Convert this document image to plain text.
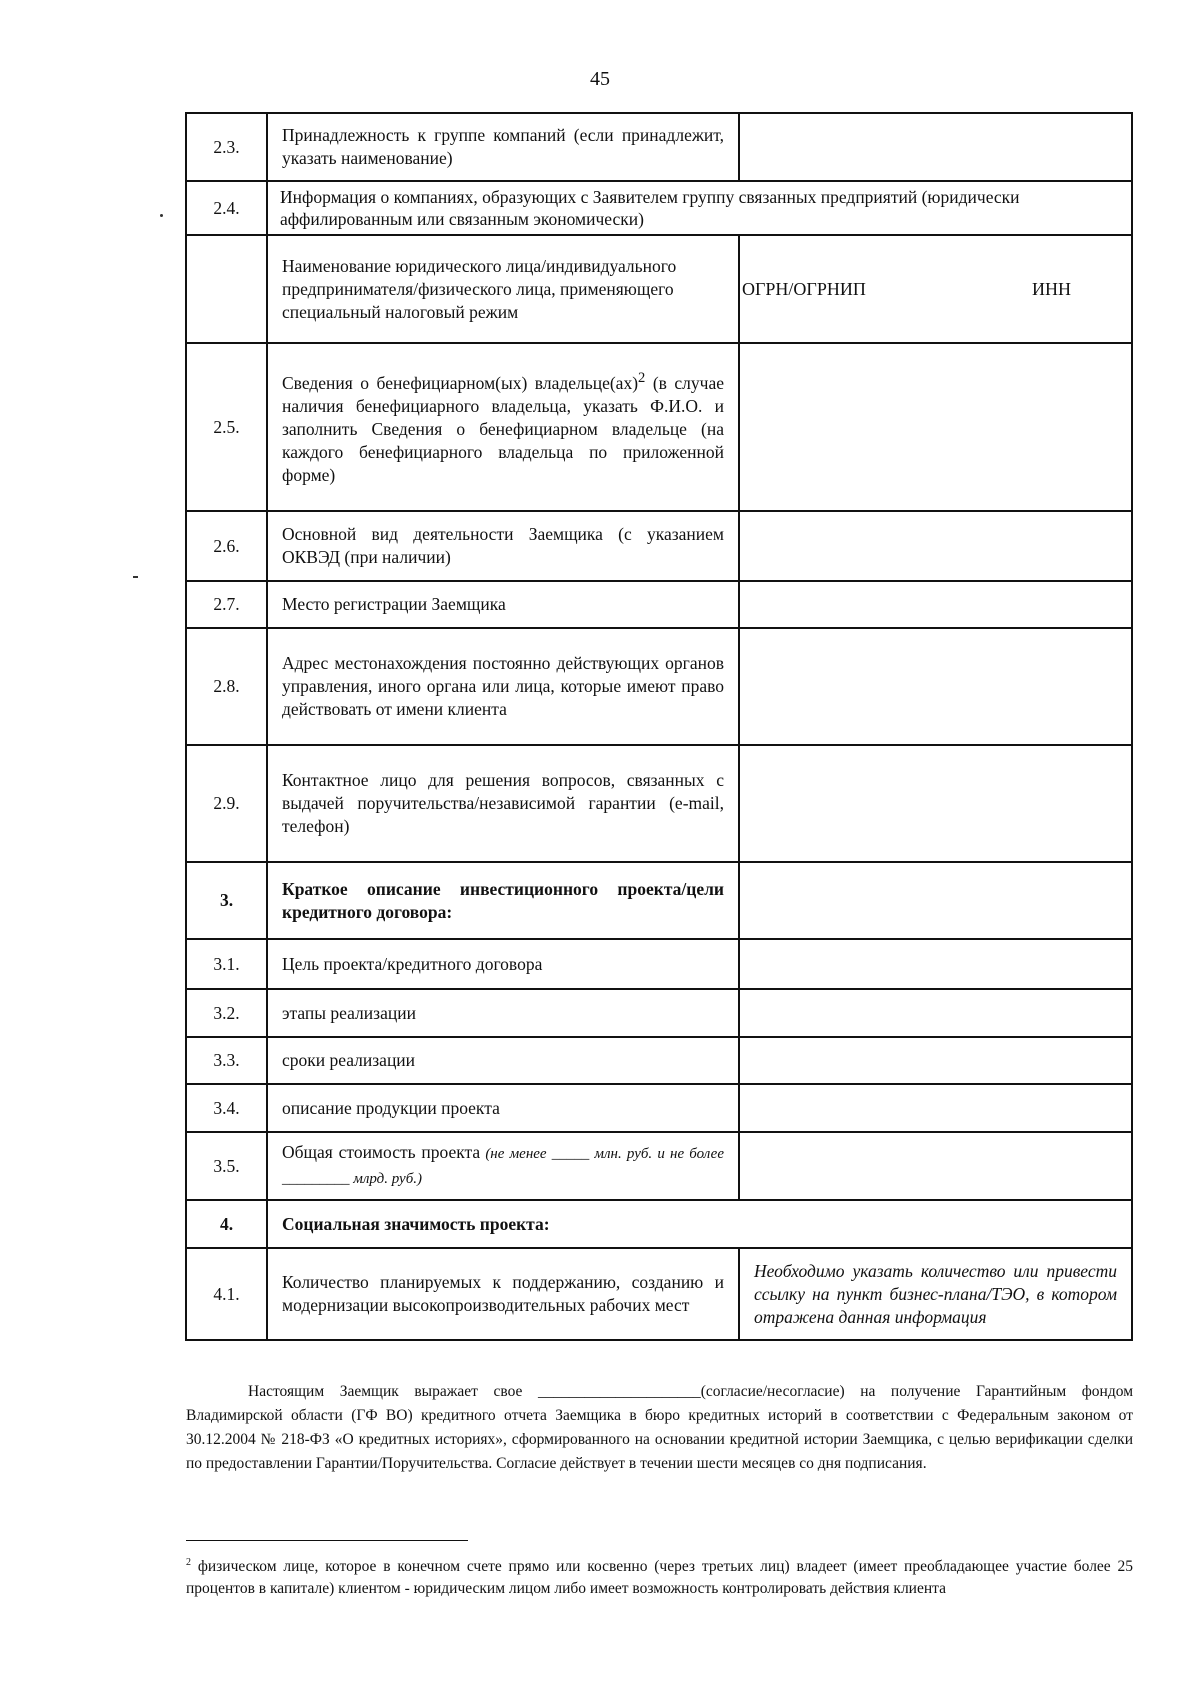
45
2.3.	Принадлежность к группе компаний (если принадлежит, указать наименование)	
2.4.	Информация о компаниях, образующих с Заявителем группу связанных предприятий (юридически аффилированным или связанным экономически)	
	Наименование юридического лица/индивидуального предпринимателя/физического лица, применяющего специальный налоговый режим	ОГРН/ОГРНИП ИНН

2.5.	Сведения о бенефициарном(ых) владельце(ах)$^2$ (в случае наличия бенефициарного владельца, указать Ф.И.О. и заполнить Сведения о бенефициарном владельце (на каждого бенефициарного владельца по приложенной форме)	
2.6.	Основной вид деятельности Заемщика (с указанием ОКВЭД (при наличии)	
2.7.	Место регистрации Заемщика	
2.8.	Адрес местонахождения постоянно действующих органов управления, иного органа или лица, которые имеют право действовать от имени клиента	
2.9.	Контактное лицо для решения вопросов, связанных с выдачей поручительства/независимой гарантии (e-mail, телефон)	
3.	Краткое описание инвестиционного проекта/цели кредитного договора:	
3.1.	Цель проекта/кредитного договора	
3.2.	этапы реализации	
3.3.	сроки реализации	
3.4.	описание продукции проекта	
3.5.	Общая стоимость проекта (не менее _____ млн. руб. и не более _________ млрд. руб.)	
4.	Социальная значимость проекта:	
4.1.	Количество планируемых к поддержанию, созданию и модернизации высокопроизводительных рабочих мест	Необходимо указать количество или привести ссылку на пункт бизнес-плана/ТЭО, в котором отражена данная информация
Настоящим Заемщик выражает свое _____________________(согласие/несогласие) на получение Гарантийным фондом Владимирской области (ГФ ВО) кредитного отчета Заемщика в бюро кредитных историй в соответствии с Федеральным законом от 30.12.2004 № 218-ФЗ «О кредитных историях», сформированного на основании кредитной истории Заемщика, с целью верификации сделки по предоставлении Гарантии/Поручительства. Согласие действует в течении шести месяцев со дня подписания.
$^2$ физическом лице, которое в конечном счете прямо или косвенно (через третьих лиц) владеет (имеет преобладающее участие более 25 процентов в капитале) клиентом - юридическим лицом либо имеет возможность контролировать действия клиента
